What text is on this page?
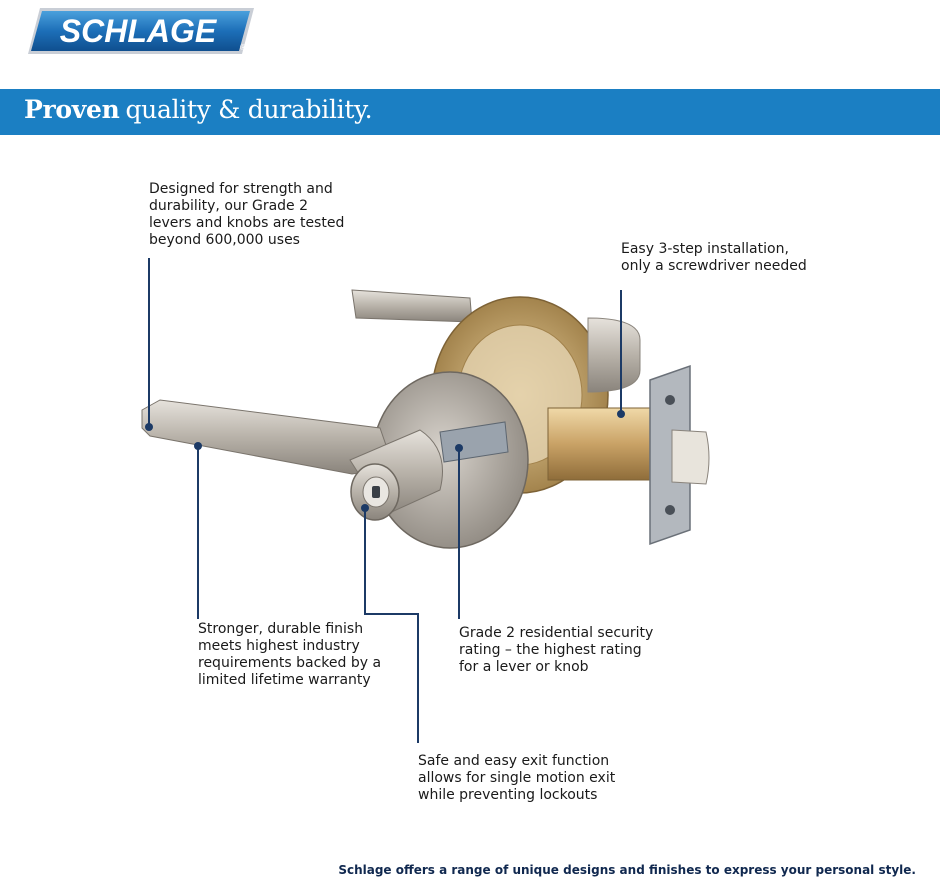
SCHLAGE	®
Proven quality & durability.
Designed for strength and
durability, our Grade 2
levers and knobs are tested
beyond 600,000 uses
Easy 3-step installation,
only a screwdriver needed
Stronger, durable finish
meets highest industry
requirements backed by a
limited lifetime warranty
Grade 2 residential security
rating – the highest rating
for a lever or knob
Safe and easy exit function
allows for single motion exit
while preventing lockouts
Schlage offers a range of unique designs and finishes to express your personal style.
